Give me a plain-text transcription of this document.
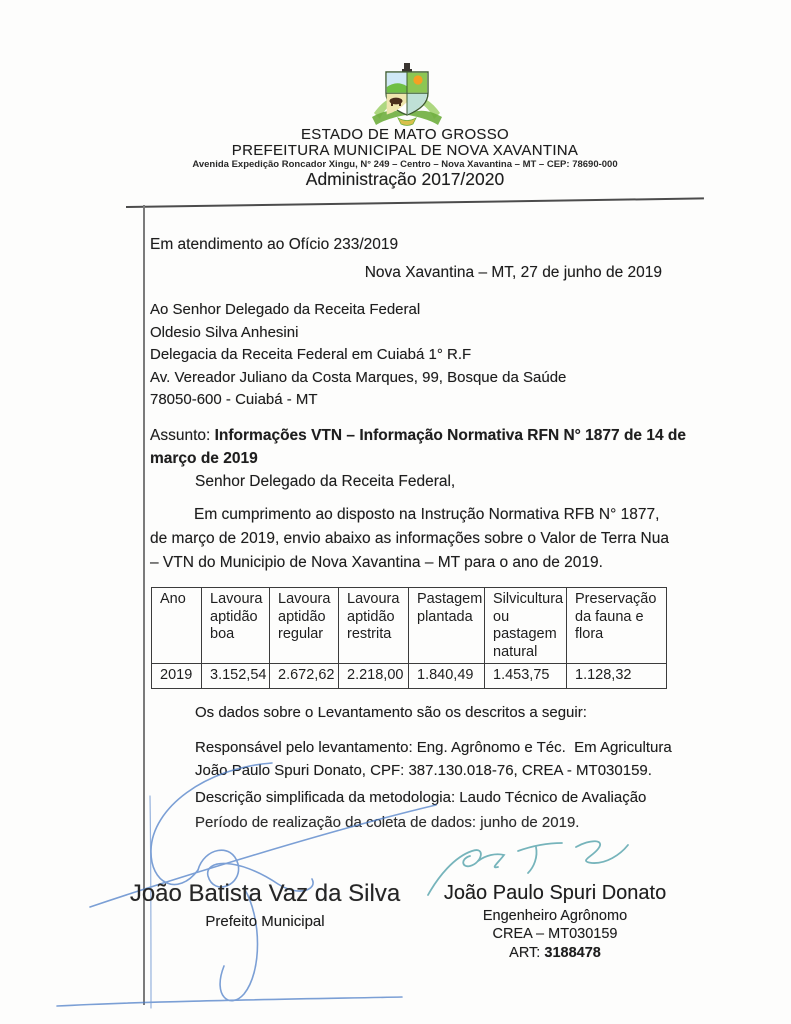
ESTADO DE MATO GROSSO
PREFEITURA MUNICIPAL DE NOVA XAVANTINA
Avenida Expedição Roncador Xingu, N° 249 – Centro – Nova Xavantina – MT – CEP: 78690-000
Administração 2017/2020
Em atendimento ao Ofício 233/2019
Nova Xavantina – MT, 27 de junho de 2019
Ao Senhor Delegado da Receita Federal
Oldesio Silva Anhesini
Delegacia da Receita Federal em Cuiabá 1° R.F
Av. Vereador Juliano da Costa Marques, 99, Bosque da Saúde
78050-600 - Cuiabá - MT
Assunto: Informações VTN – Informação Normativa RFN N° 1877 de 14 de março de 2019
Senhor Delegado da Receita Federal,
Em cumprimento ao disposto na Instrução Normativa RFB N° 1877, de março de 2019, envio abaixo as informações sobre o Valor de Terra Nua – VTN do Municipio de Nova Xavantina – MT para o ano de 2019.
Ano	Lavoura aptidão boa	Lavoura aptidão regular	Lavoura aptidão restrita	Pastagem plantada	Silvicultura ou pastagem natural	Preservação da fauna e flora
2019	3.152,54	2.672,62	2.218,00	1.840,49	1.453,75	1.128,32
Os dados sobre o Levantamento são os descritos a seguir:
Responsável pelo levantamento: Eng. Agrônomo e Téc.  Em Agricultura João Paulo Spuri Donato, CPF: 387.130.018-76, CREA - MT030159.
Descrição simplificada da metodologia: Laudo Técnico de Avaliação
Período de realização da coleta de dados: junho de 2019.
João Batista Vaz da Silva
Prefeito Municipal
João Paulo Spuri Donato
Engenheiro Agrônomo
CREA – MT030159
ART: 3188478
